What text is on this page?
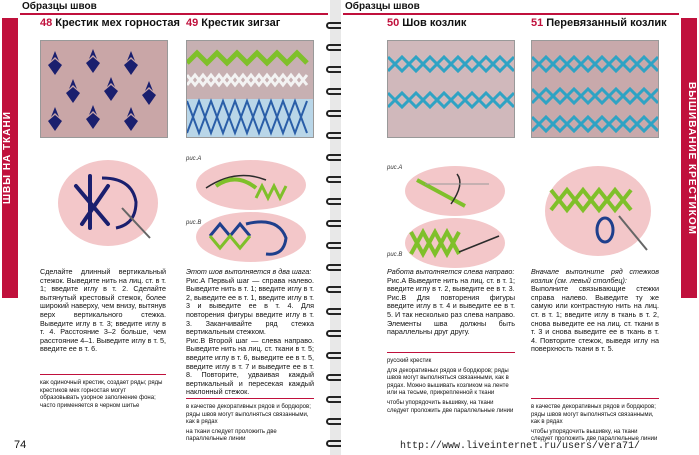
Образцы швов
ШВЫ НА ТКАНИ
48 Крестик мех горностая
Сделайте длинный вертикальный стежок. Выведите нить на лиц. ст. в т. 1; введите иглу в т. 2. Сделайте вытянутый крестовый стежок, более широкий наверху, чем внизу, вытянув верх вертикального стежка. Выведите иглу в т. 3; введите иглу в т. 4. Расстояние 3–2 больше, чем расстояние 4–1. Выведите иглу в т. 5, введите ее в т. 6.
как одиночный крестик, создает ряды; ряды крестиков мех горностая могут образовывать узорное заполнение фона; часто применяется в черном шитье
49 Крестик зигзаг
рис.А
рис.B

Этот шов выполняется в два шага:

Рис.А Первый шаг — справа налево. Выведите нить в т. 1; введите иглу в т. 2, выведите ее в т. 1, введите иглу в т. 3 и выведите ее в т. 4. Для повторения фигуры введите иглу в т. 3. Заканчивайте ряд стежка вертикальным стежком.

Рис.В Второй шаг — слева направо. Выведите нить на лиц. ст. ткани в т. 5; введите иглу в т. 6, выведите ее в т. 5, введите иглу в т. 7 и выведите ее в т. 8. Повторите, удваивая каждый вертикальный и пересекая каждый наклонный стежок.

в качестве декоративных рядов и бордюров; ряды швов могут выполняться связанными, как в рядах
на ткани следует проложить две параллельные линии
74
Образцы швов
ВЫШИВАНИЕ КРЕСТИКОМ
50 Шов козлик
рис.А
рис.B

Работа выполняется слева направо:

Рис.А Выведите нить на лиц. ст. в т. 1; введите иглу в т. 2, выведите ее в т. 3.

Рис.В Для повторения фигуры введите иглу в т. 4 и выведите ее в т. 5. И так несколько раз слева направо. Элементы шва должны быть параллельны друг другу.

русский крестик
для декоративных рядов и бордюров; ряды швов могут выполняться связанными, как в рядах. Можно вышивать козликом на ленте или на тесьме, прикрепленной к ткани
чтобы упорядочить вышивку, на ткани следует проложить две параллельные линии
51 Перевязанный козлик

Вначале выполните ряд стежков козлик (см. левый столбец):

Выполните связывающие стежки справа налево. Выведите ту же самую или контрастную нить на лиц. ст. в т. 1; введите иглу в ткань в т. 2, снова выведите ее на лиц. ст. ткани в т. 3 и снова выведите ее в ткань в т. 4. Повторите стежок, выведя иглу на поверхность ткани в т. 5.

в качестве декоративных рядов и бордюров; ряды швов могут выполняться связанными, как в рядах
чтобы упорядочить вышивку, на ткани следует проложить две параллельные линии
http://www.liveinternet.ru/users/vera71/
